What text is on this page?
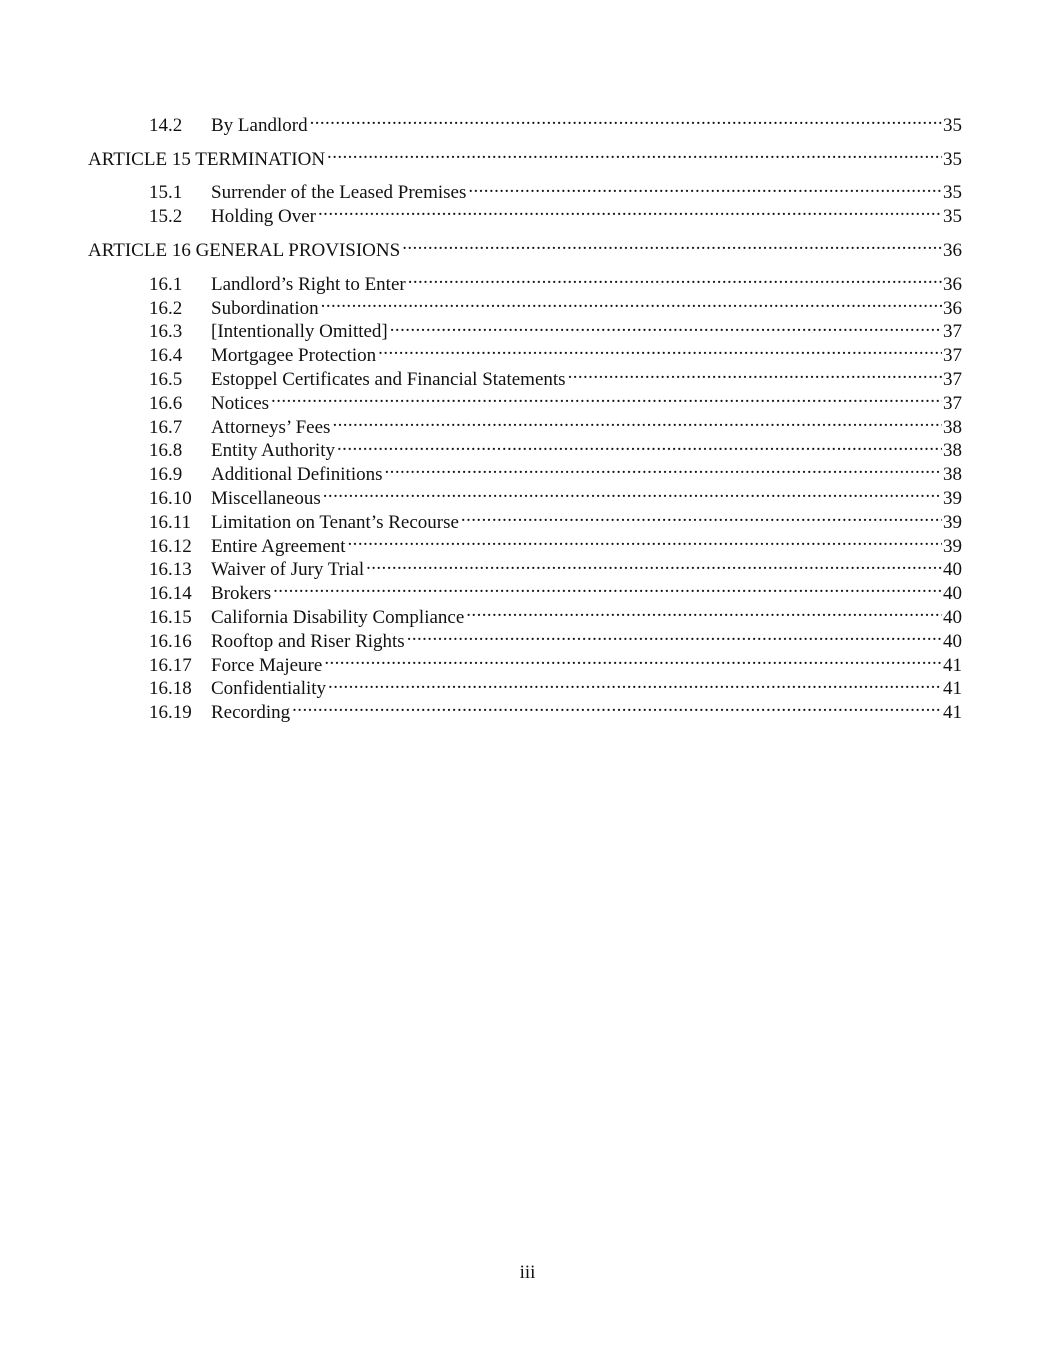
14.2	By Landlord .....	35
ARTICLE 15 TERMINATION .....	35
15.1	Surrender of the Leased Premises .....	35
15.2	Holding Over .....	35
ARTICLE 16 GENERAL PROVISIONS .....	36
16.1	Landlord’s Right to Enter .....	36
16.2	Subordination .....	36
16.3	[Intentionally Omitted] .....	37
16.4	Mortgagee Protection .....	37
16.5	Estoppel Certificates and Financial Statements .....	37
16.6	Notices .....	37
16.7	Attorneys’ Fees .....	38
16.8	Entity Authority .....	38
16.9	Additional Definitions .....	38
16.10	Miscellaneous .....	39
16.11	Limitation on Tenant’s Recourse .....	39
16.12	Entire Agreement .....	39
16.13	Waiver of Jury Trial .....	40
16.14	Brokers .....	40
16.15	California Disability Compliance .....	40
16.16	Rooftop and Riser Rights .....	40
16.17	Force Majeure .....	41
16.18	Confidentiality .....	41
16.19	Recording .....	41
iii
